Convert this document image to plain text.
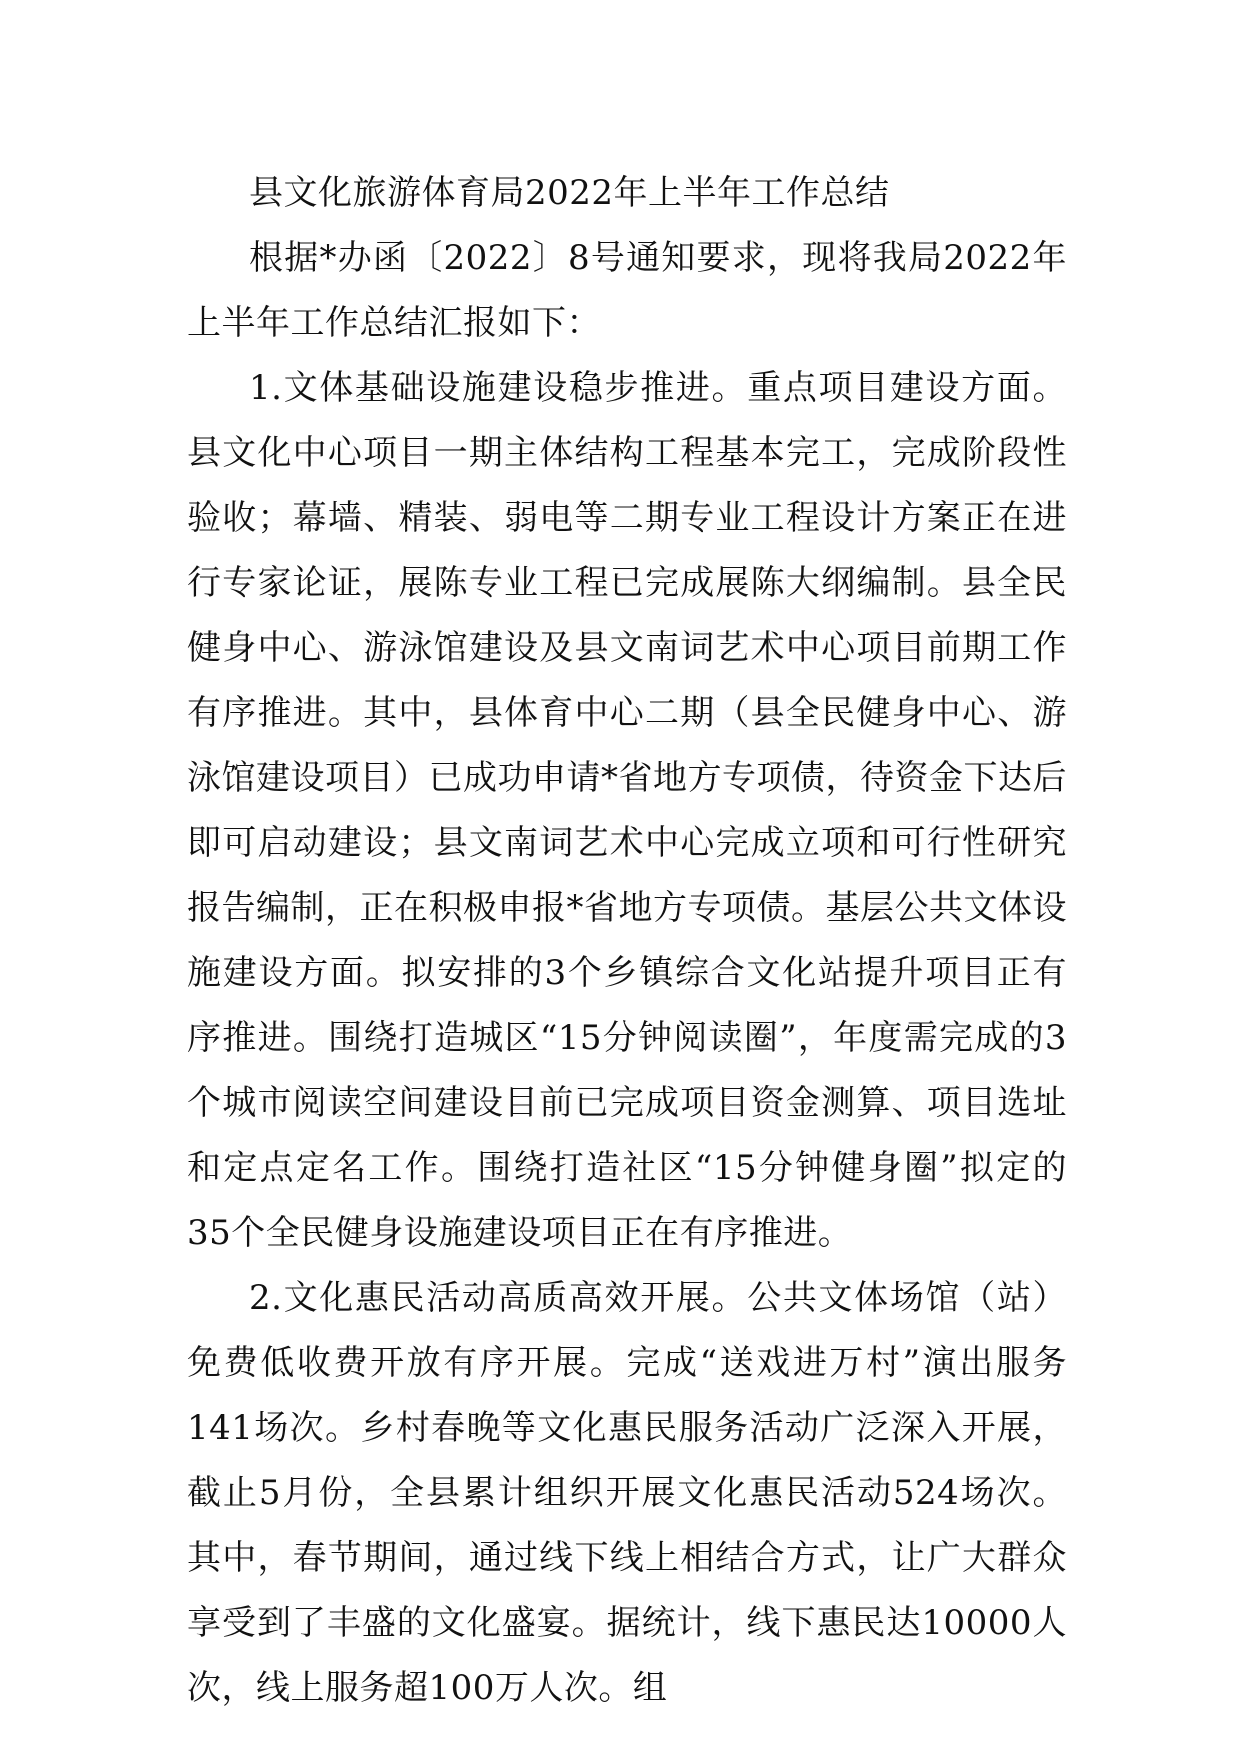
县文化旅游体育局2022年上半年工作总结

根据*办函〔2022〕8号通知要求，现将我局2022年上半年工作总结汇报如下：

1.文体基础设施建设稳步推进。重点项目建设方面。县文化中心项目一期主体结构工程基本完工，完成阶段性验收；幕墙、精装、弱电等二期专业工程设计方案正在进行专家论证，展陈专业工程已完成展陈大纲编制。县全民健身中心、游泳馆建设及县文南词艺术中心项目前期工作有序推进。其中，县体育中心二期（县全民健身中心、游泳馆建设项目）已成功申请*省地方专项债，待资金下达后即可启动建设；县文南词艺术中心完成立项和可行性研究报告编制，正在积极申报*省地方专项债。基层公共文体设施建设方面。拟安排的3个乡镇综合文化站提升项目正有序推进。围绕打造城区“15分钟阅读圈”，年度需完成的3个城市阅读空间建设目前已完成项目资金测算、项目选址和定点定名工作。围绕打造社区“15分钟健身圈”拟定的35个全民健身设施建设项目正在有序推进。

2.文化惠民活动高质高效开展。公共文体场馆（站）免费低收费开放有序开展。完成“送戏进万村”演出服务141场次。乡村春晚等文化惠民服务活动广泛深入开展，截止5月份，全县累计组织开展文化惠民活动524场次。其中，春节期间，通过线下线上相结合方式，让广大群众享受到了丰盛的文化盛宴。据统计，线下惠民达10000人次，线上服务超100万人次。组
